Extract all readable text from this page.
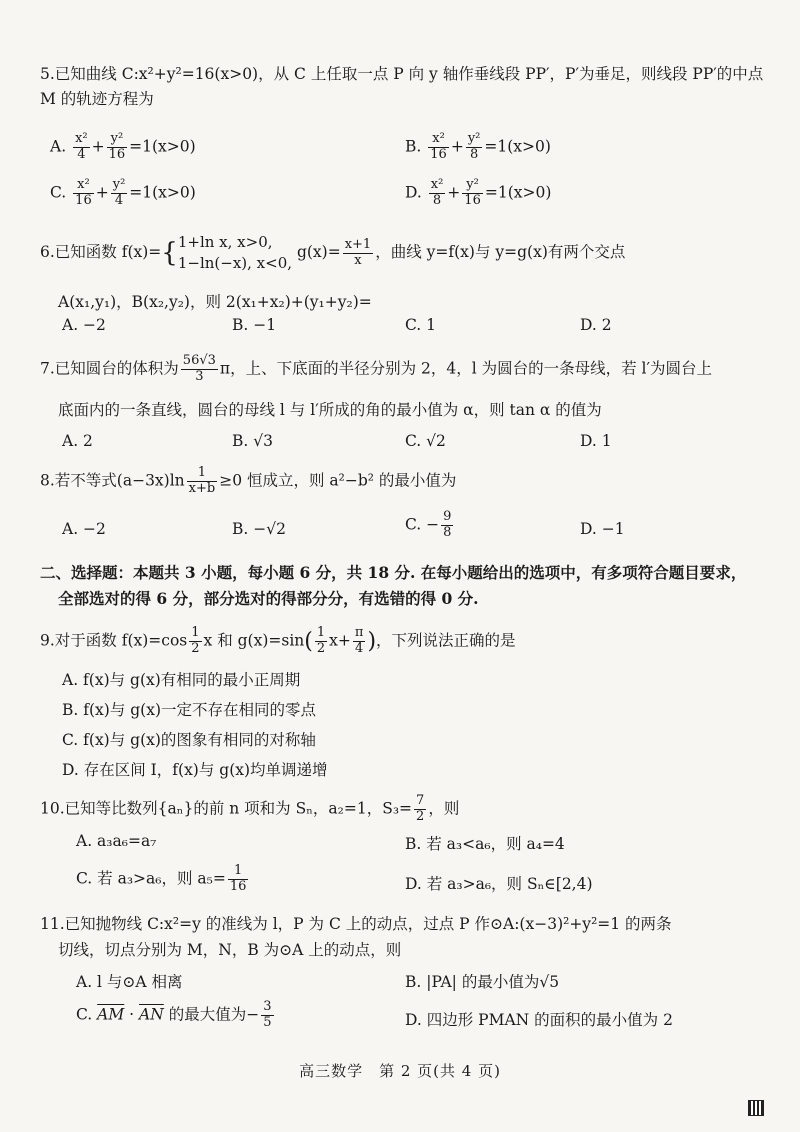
5.已知曲线 C:x²+y²=16(x>0)，从 C 上任取一点 P 向 y 轴作垂线段 PP′，P′为垂足，则线段 PP′的中点 M 的轨迹方程为

A. $\frac{\text{x²}}{4} + \frac{\text{y²}}{16} =1(x>0)$	B. $\frac{\text{x²}}{16} + \frac{\text{y²}}{8} =1(x>0)$
C. $\frac{\text{x²}}{16} + \frac{\text{y²}}{4} =1(x>0)$	D. $\frac{\text{x²}}{8} + \frac{\text{y²}}{16} =1(x>0)$
6.已知函数 f(x)={ 1+ln x, x>0,
1−ln(−x), x<0,
$g(x)= \frac{x+1}{x}$ ，曲线 y=f(x)与 y=g(x)有两个交点
A(x₁,y₁)，B(x₂,y₂)，则 2(x₁+x₂)+(y₁+y₂)=
A. −2	B. −1	C. 1	D. 2
7.已知圆台的体积为 $\frac{56√3}{3}$ π，上、下底面的半径分别为 2，4，l 为圆台的一条母线，若 l′为圆台上
底面内的一条直线，圆台的母线 l 与 l′所成的角的最小值为 α，则 tan α 的值为
A. 2	B. √3	C. √2	D. 1
8.若不等式$(a-3x)\ln \frac{1}{x+b} \ge 0$ 恒成立，则 a²−b² 的最小值为
A. −2	B. −√2	C. − $\frac{9}{8}$	D. −1
二、选择题：本题共 3 小题，每小题 6 分，共 18 分. 在每小题给出的选项中，有多项符合题目要求，
全部选对的得 6 分，部分选对的得部分分，有选错的得 0 分.
9.对于函数 $f(x)=\cos \frac{1}{2}$ x 和 $g(x)=\sin( \frac{1}{2} x+ \frac{\pi}{4}$ )，下列说法正确的是
A. f(x)与 g(x)有相同的最小正周期
B. f(x)与 g(x)一定不存在相同的零点
C. f(x)与 g(x)的图象有相同的对称轴
D. 存在区间 I，f(x)与 g(x)均单调递增
10.已知等比数列{aₙ}的前 n 项和为 Sₙ，a₂=1，$S_3= \frac{7}{2}$ ，则
A. a₃a₆=a₇	B. 若 a₃<a₆，则 a₄=4
C. 若 a₃>a₆，则 $a_5= \frac{1}{16}$	D. 若 a₃>a₆，则 Sₙ∈[2,4)
11.已知抛物线 C:x²=y 的准线为 l，P 为 C 上的动点，过点 P 作⊙A:(x−3)²+y²=1 的两条
切线，切点分别为 M，N，B 为⊙A 上的动点，则
A. l 与⊙A 相离	B. |PA| 的最小值为√5
C. $\overline{AM} \cdot \overline{AN}$ 的最大值为− $\frac{3}{5}$	D. 四边形 PMAN 的面积的最小值为 2
高三数学　第 2 页(共 4 页)
